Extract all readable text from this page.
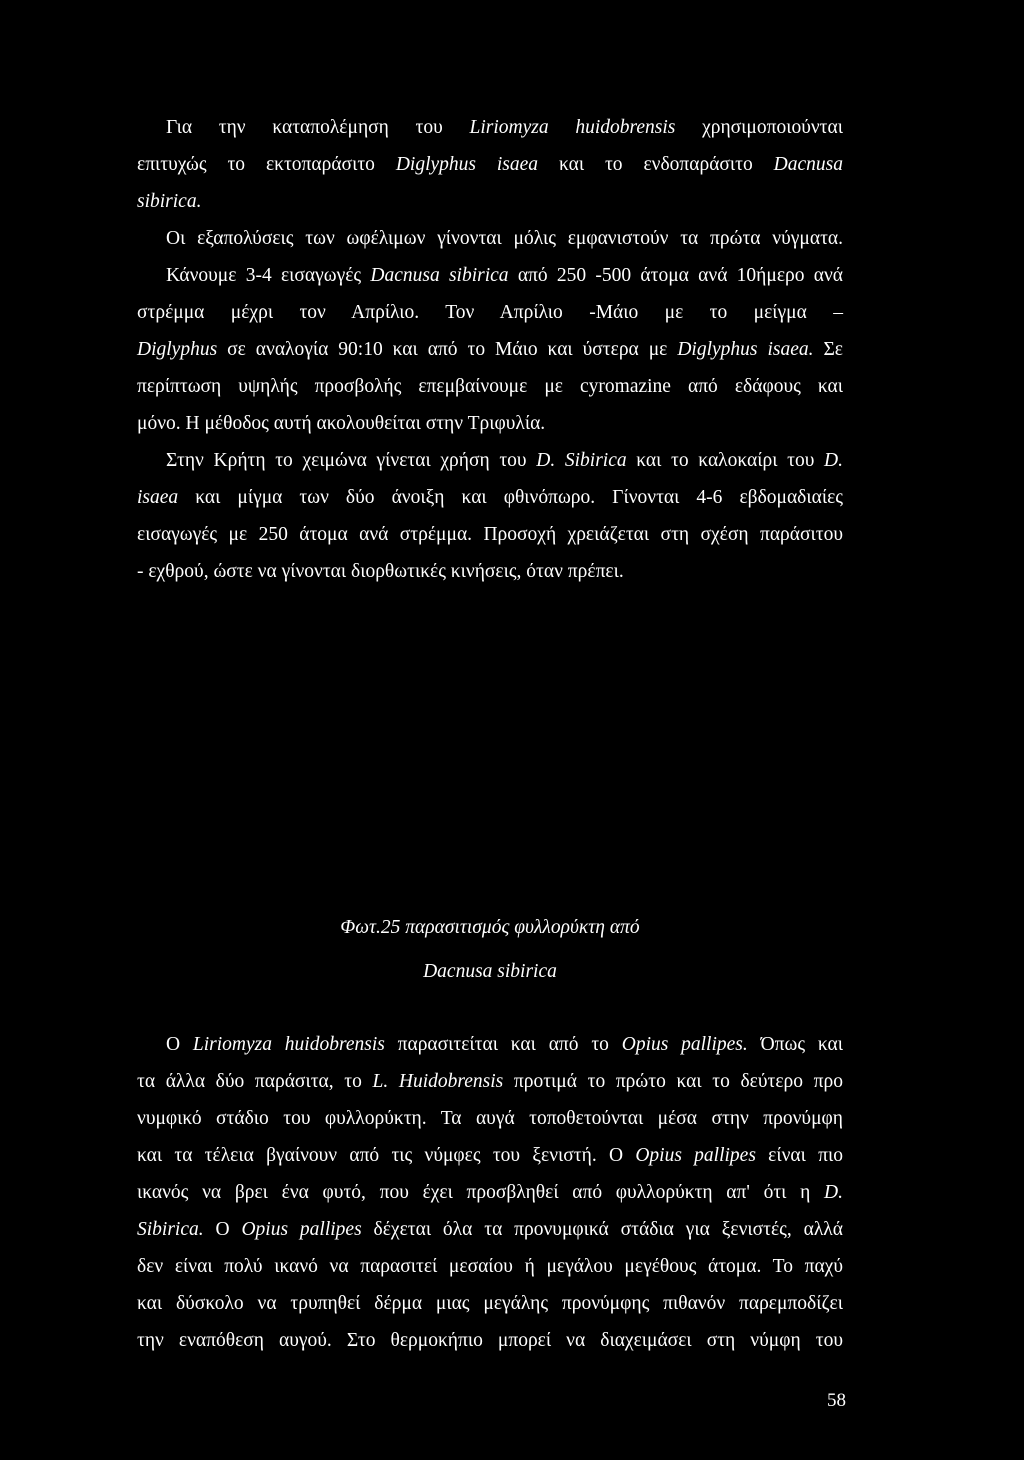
Για την καταπολέμηση του Liriomyza huidobrensis χρησιμοποιούνται
επιτυχώς το εκτοπαράσιτο Diglyphus isaea και το ενδοπαράσιτο Dacnusa
sibirica.
Οι εξαπολύσεις των ωφέλιμων γίνονται μόλις εμφανιστούν τα πρώτα νύγματα.
Κάνουμε 3-4 εισαγωγές Dacnusa sibirica από 250 -500 άτομα ανά 10ήμερο ανά
στρέμμα μέχρι τον Απρίλιο. Τον Απρίλιο -Μάιο με το μείγμα –
Diglyphus σε αναλογία 90:10 και από το Μάιο και ύστερα με Diglyphus isaea. Σε
περίπτωση υψηλής προσβολής επεμβαίνουμε με cyromazine από εδάφους και
μόνο. Η μέθοδος αυτή ακολουθείται στην Τριφυλία.
Στην Κρήτη το χειμώνα γίνεται χρήση του D. Sibirica και το καλοκαίρι του D.
isaea και μίγμα των δύο άνοιξη και φθινόπωρο. Γίνονται 4-6 εβδομαδιαίες
εισαγωγές με 250 άτομα ανά στρέμμα. Προσοχή χρειάζεται στη σχέση παράσιτου
- εχθρού, ώστε να γίνονται διορθωτικές κινήσεις, όταν πρέπει.
Φωτ.25 παρασιτισμός φυλλορύκτη από
Dacnusa sibirica
Ο Liriomyza huidobrensis παρασιτείται και από το Opius pallipes. Όπως και
τα άλλα δύο παράσιτα, το L. Huidobrensis προτιμά το πρώτο και το δεύτερο προ
νυμφικό στάδιο του φυλλορύκτη. Τα αυγά τοποθετούνται μέσα στην προνύμφη
και τα τέλεια βγαίνουν από τις νύμφες του ξενιστή. Ο Opius pallipes είναι πιο
ικανός να βρει ένα φυτό, που έχει προσβληθεί από φυλλορύκτη απ' ότι η D.
Sibirica. Ο Opius pallipes δέχεται όλα τα προνυμφικά στάδια για ξενιστές, αλλά
δεν είναι πολύ ικανό να παρασιτεί μεσαίου ή μεγάλου μεγέθους άτομα. Το παχύ
και δύσκολο να τρυπηθεί δέρμα μιας μεγάλης προνύμφης πιθανόν παρεμποδίζει
την εναπόθεση αυγού. Στο θερμοκήπιο μπορεί να διαχειμάσει στη νύμφη του
58
